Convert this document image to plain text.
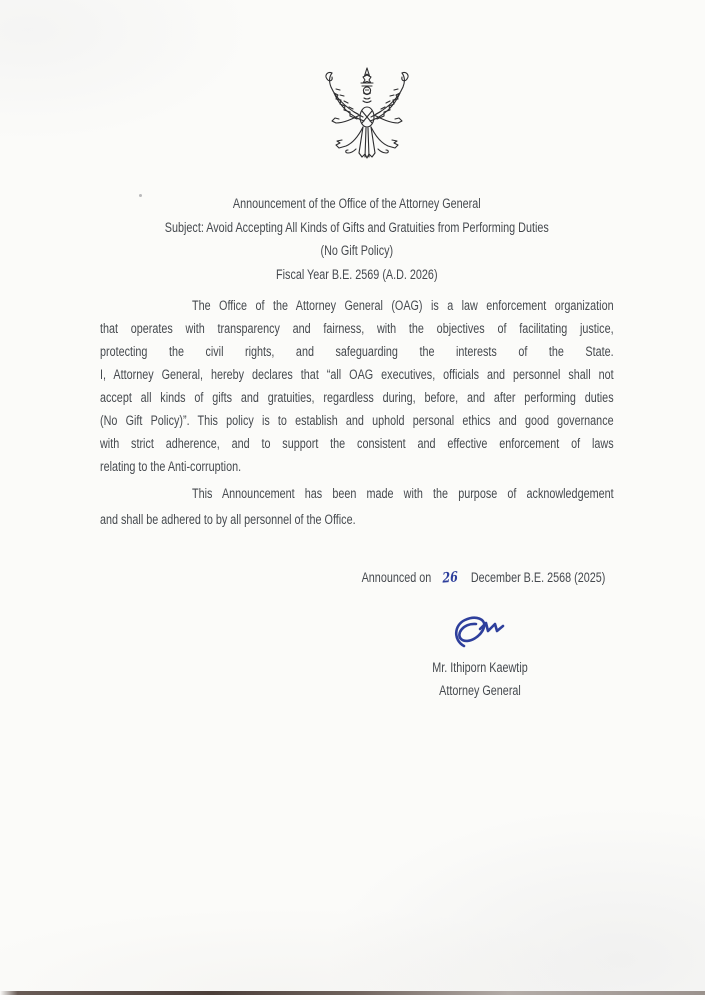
Announcement of the Office of the Attorney General
Subject: Avoid Accepting All Kinds of Gifts and Gratuities from Performing Duties
(No Gift Policy)
Fiscal Year B.E. 2569 (A.D. 2026)
The Office of the Attorney General (OAG) is a law enforcement organization
that operates with transparency and fairness, with the objectives of facilitating justice,
protecting the civil rights, and safeguarding the interests of the State.
I, Attorney General, hereby declares that “all OAG executives, officials and personnel shall not
accept all kinds of gifts and gratuities, regardless during, before, and after performing duties
(No Gift Policy)”. This policy is to establish and uphold personal ethics and good governance
with strict adherence, and to support the consistent and effective enforcement of laws
relating to the Anti-corruption.
This Announcement has been made with the purpose of acknowledgement
and shall be adhered to by all personnel of the Office.
Announced on 26 December B.E. 2568 (2025)
Mr. Ithiporn Kaewtip
Attorney General
